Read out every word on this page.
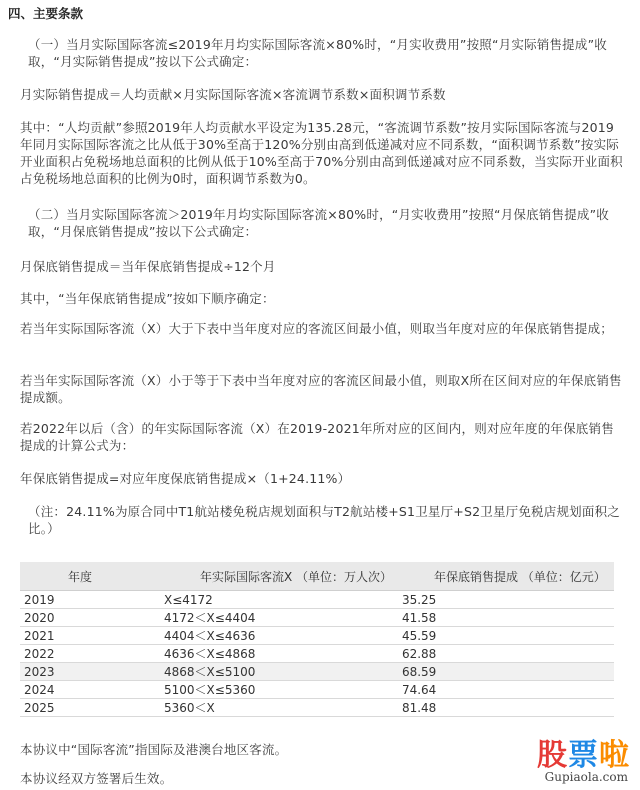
四、主要条款
（一）当月实际国际客流≤2019年月均实际国际客流×80%时，“月实收费用”按照“月实际销售提成”收取，“月实际销售提成”按以下公式确定：
月实际销售提成＝人均贡献×月实际国际客流×客流调节系数×面积调节系数
其中：“人均贡献”参照2019年人均贡献水平设定为135.28元，“客流调节系数”按月实际国际客流与2019年同月实际国际客流之比从低于30%至高于120%分别由高到低递减对应不同系数，“面积调节系数”按实际开业面积占免税场地总面积的比例从低于10%至高于70%分别由高到低递减对应不同系数，当实际开业面积占免税场地总面积的比例为0时，面积调节系数为0。
（二）当月实际国际客流＞2019年月均实际国际客流×80%时，“月实收费用”按照“月保底销售提成”收取，“月保底销售提成”按以下公式确定：
月保底销售提成＝当年保底销售提成÷12个月
其中，“当年保底销售提成”按如下顺序确定：
若当年实际国际客流（X）大于下表中当年度对应的客流区间最小值，则取当年度对应的年保底销售提成；
若当年实际国际客流（X）小于等于下表中当年度对应的客流区间最小值，则取X所在区间对应的年保底销售提成额。
若2022年以后（含）的年实际国际客流（X）在2019-2021年所对应的区间内，则对应年度的年保底销售提成的计算公式为：
年保底销售提成=对应年度保底销售提成×（1+24.11%）
（注：24.11%为原合同中T1航站楼免税店规划面积与T2航站楼+S1卫星厅+S2卫星厅免税店规划面积之比。）
年度	年实际国际客流X （单位：万人次）	年保底销售提成 （单位：亿元）
2019	X≤4172	35.25
2020	4172＜X≤4404	41.58
2021	4404＜X≤4636	45.59
2022	4636＜X≤4868	62.88
2023	4868＜X≤5100	68.59
2024	5100＜X≤5360	74.64
2025	5360＜X	81.48
本协议中“国际客流”指国际及港澳台地区客流。
本协议经双方签署后生效。
股票啦
Gupiaola.com
